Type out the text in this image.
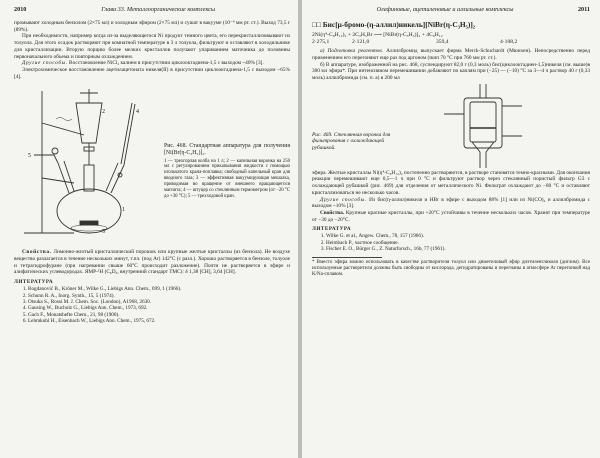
2010	Глава 33. Металлоорганические комплексы

промывают холодным бензолом (2×75 мл) и холодным эфиром (2×75 мл) и сушат в вакууме (10⁻⁴ мм рт. ст.). Выход 73,5 г (89%).

При необходимости, например когда из-за выделяющегося Ni продукт темного цвета, его перекристаллизовывают из толуола. Для этого осадок растворяют при комнатной температуре в 3 л толуола, фильтруют и оставляют в холодильнике для кристаллизации. Вторую порцию более мелких кристаллов получают упариванием маточника до половины первоначального объема и повторным охлаждением.

Другие способы. Восстановление NiCl₂ калием в присутствии циклооктадиена-1,5 с выходом ~40% [3].

Электрохимическое восстановление ацетилацетоната никеля(II) в присутствии циклооктадиена-1,5 с выходом ~65% [4].

2
5
4
1
3
Рис. 468. Стандартная аппаратура для получения [Ni(Br(η-C₃H₅)]₂.
1 — трехгорлая колба на 1 л; 2 — капельная воронка на 250 мл с регулированием прикапывания жидкости с помощью игольчатого крана-поплавка; свободный капельный кран для вводного газа; 3 — эффективная вакуумирующая мешалка, приводимая во вращение от внешнего вращающегося магнита; 4 — штуцер со стеклянным термометром (от −20 °C до +30 °C); 5 — трехходовой кран.

Свойства. Лимонно-желтый кристаллический порошок или крупные желтые кристаллы (из бензола). Не воздухе вещество разлагается в течение нескольких минут, т.пл. (под Ar) 142°C (с разл.). Хорошо растворяется в бензоле, толуоле и тетрагидрофуране (при нагревании свыше 60°C происходит разложение). Почти не растворяется в эфире и алифатических углеводородах. ЯМР-¹H (C₆D₆, внутренний стандарт ТМС): δ 1,38 [CH], 3,64 [CH].

ЛИТЕРАТУРА
1. Bogdanović B., Kröner M., Wilke G., Liebigs Ann. Chem., 699, 1 (1966).
2. Schunn R. A., Inorg. Synth., 15, 5 (1974).
3. Otsuka S., Rossi M. J. Chem. Soc. (London), A1968, 2630.
4. Gausing W., Bucholz G., Liebigs Ann. Chem., 1973, 692.
5. Gach F., Monatshefte Chem., 21, 98 (1900).
6. Lehmkuhl H., Eisenbach W., Liebigs Ann. Chem., 1975, 672.
Олефиновые, ацетиленовые и аллильные комплексы	2011
□□ Бис[μ-бромо-(η-аллил)никель][NiBr(η-C₃H₅)]₂
2Ni(η⁴-C₈H₁₂)₂ + 2C₃H₅Br ⟶ [NiBr(η-C₃H₅)]₂ + 4C₈H₁₂
2·275,1	2·121,0	359,4	4·108,2

а) Подготовка реагентов. Аллилбромид выпускает фирма Merck-Schuchardt (Мюнхен). Непосредственно перед применением его перегоняют еще раз под аргоном (tкип 70 °C при 760 мм рт. ст.).

б) В аппаратуре, изображенной на рис. 468, суспендируют 82,0 г (0,3 моль) бис(циклооктадиен-1,5)никеля (см. выше)в 300 мл эфира*. При интенсивном перемешивании добавляют по каплям при (−25) — (−10) °C за 3—4 ч раствор 40 г (0,33 моль) аллилбромида (см. п. а) в 200 мл

Рис. 469. Стеклянная воронка для фильтрования с охлаждающей рубашкой.

эфира. Желтые кристаллы Ni(η⁴-C₈H₁₂)₂ постепенно растворяются, в растворе становятся темно-красными. Для окончания реакции перемешивают еще 0,5—1 ч при 0 °C и фильтруют раствор через стеклянный пористый фильтр G3 с охлаждающей рубашкой (рис. 469) для отделения от металлического Ni. Фильтрат охлаждают до −80 °C и оставляют кристаллизоваться не несколько часов.

Другие способы. Из бис(η-аллил)никеля и HBr в эфире с выходом 88% [1] или из Ni(CO)₄ и аллилбромида с выходом ~10% [3].

Свойства. Крупные красные кристаллы, при +20°C устойчивы в течение нескольких часов. Хранят при температуре от −30 до −20°C.

ЛИТЕРАТУРА
1. Wilke G. et al., Angew. Chem., 78, 157 (1966).
2. Heimbach P., частное сообщение.
3. Fischer E. O., Bürger G., Z. Naturforsch., 16b, 77 (1961).
* Вместо эфира можно использовать в качестве растворителя толуол или диметиловый эфир диэтиленгликоля (диглим). Все используемые растворители должны быть свободны от кислорода, дегидратированы и перегнаны в атмосфере Ar перегонкой над K/Na-сплавом.
